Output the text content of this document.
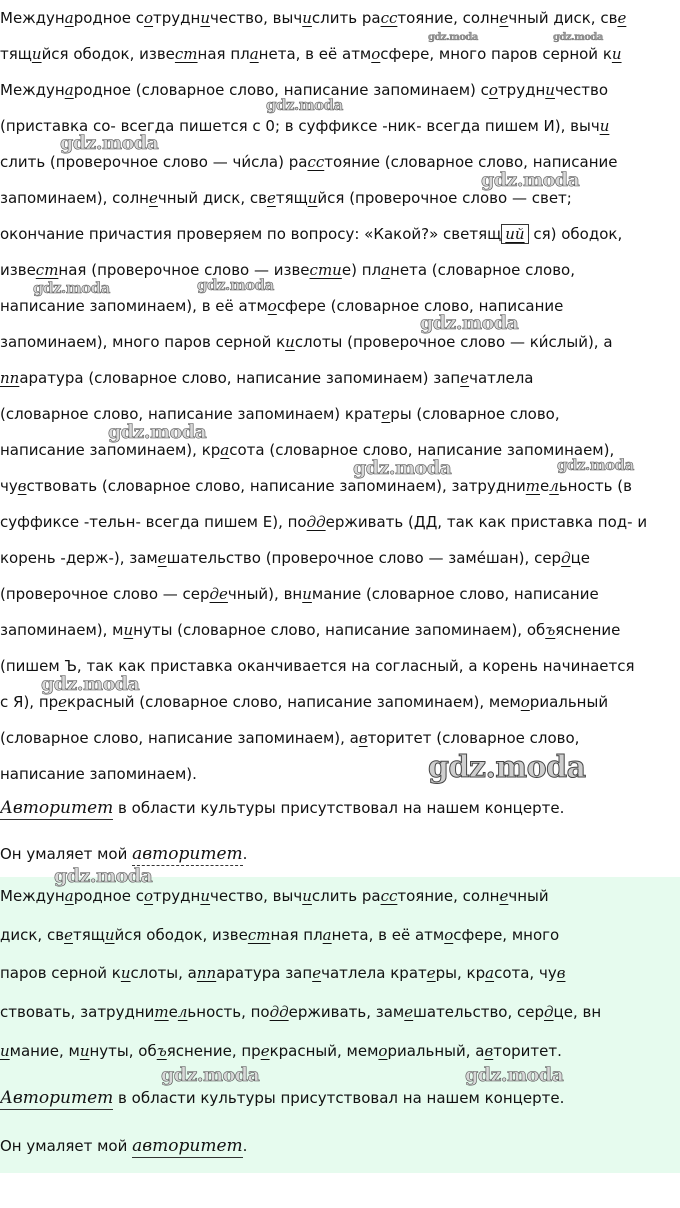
Международное сотрудничество, вычислить расстояние, солнечный диск, све
тящийся ободок, известная планета, в её атмосфере, много паров серной ки
Международное (словарное слово, написание запоминаем) сотрудничество
(приставка со- всегда пишется с 0; в суффиксе -ник- всегда пишем И), вычи
слить (проверочное слово — чи́сла) расстояние (словарное слово, написание
запоминаем), солнечный диск, светящийся (проверочное слово — свет;
окончание причастия проверяем по вопросу: «Какой?» светящ ий ся) ободок,
известная (проверочное слово — известие) планета (словарное слово,
написание запоминаем), в её атмосфере (словарное слово, написание
запоминаем), много паров серной кислоты (проверочное слово — ки́слый), а
ппаратура (словарное слово, написание запоминаем) запечатлела
(словарное слово, написание запоминаем) кратеры (словарное слово,
написание запоминаем), красота (словарное слово, написание запоминаем),
чувствовать (словарное слово, написание запоминаем), затруднительность (в
суффиксе -тельн- всегда пишем Е), поддерживать (ДД, так как приставка под- и
корень -держ-), замешательство (проверочное слово — заме́шан), сердце
(проверочное слово — сердечный), внимание (словарное слово, написание
запоминаем), минуты (словарное слово, написание запоминаем), объяснение
(пишем Ъ, так как приставка оканчивается на согласный, а корень начинается
с Я), прекрасный (словарное слово, написание запоминаем), мемориальный
(словарное слово, написание запоминаем), авторитет (словарное слово,
написание запоминаем).
Авторитет в области культуры присутствовал на нашем концерте.
Он умаляет мой авторитет.
Международное сотрудничество, вычислить расстояние, солнечный
диск, светящийся ободок, известная планета, в её атмосфере, много
паров серной кислоты, аппаратура запечатлела кратеры, красота, чув
ствовать, затруднительность, поддерживать, замешательство, сердце, вн
имание, минуты, объяснение, прекрасный, мемориальный, авторитет.
Авторитет в области культуры присутствовал на нашем концерте.
Он умаляет мой авторитет.
gdz.moda	gdz.moda
gdz.moda
gdz.moda
gdz.moda
gdz.moda	gdz.moda
gdz.moda
gdz.moda
gdz.moda	gdz.moda
gdz.moda
gdz.moda
gdz.moda
gdz.moda	gdz.moda
